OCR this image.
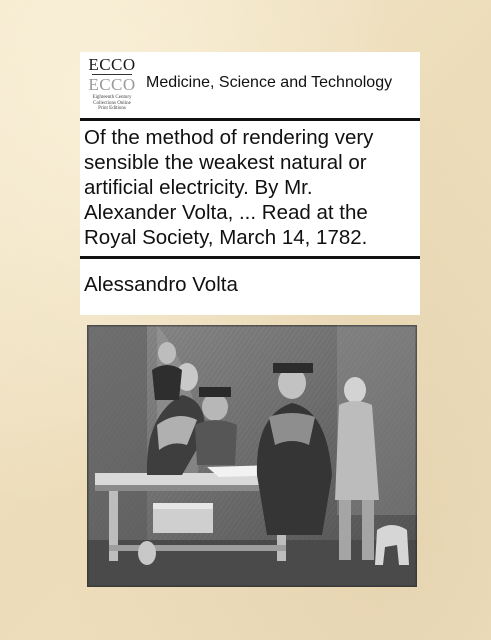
ECCO
ECCO
Eighteenth Century
Collections Online
Print Editions
Medicine, Science and Technology
Of the method of rendering very
sensible the weakest natural or
artificial electricity. By Mr.
Alexander Volta, ... Read at the
Royal Society, March 14, 1782.
Alessandro Volta
